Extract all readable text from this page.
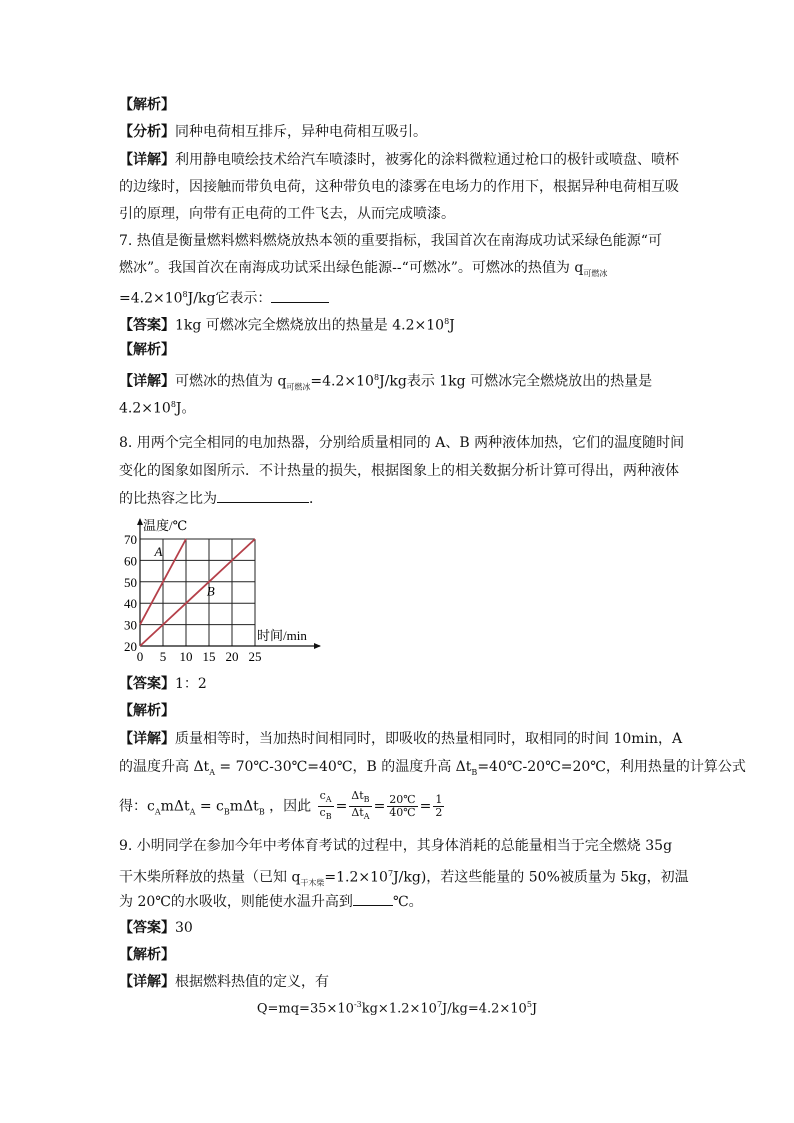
【解析】
【分析】同种电荷相互排斥，异种电荷相互吸引。
【详解】利用静电喷绘技术给汽车喷漆时，被雾化的涂料微粒通过枪口的极针或喷盘、喷杯
的边缘时，因接触而带负电荷，这种带负电的漆雾在电场力的作用下，根据异种电荷相互吸
引的原理，向带有正电荷的工件飞去，从而完成喷漆。
7. 热值是衡量燃料燃料燃烧放热本领的重要指标，我国首次在南海成功试采绿色能源“可
燃冰”。我国首次在南海成功试采出绿色能源--“可燃冰”。可燃冰的热值为 $q_{可燃冰}$
$=4.2\times 10^8J/kg$它表示：
【答案】1kg 可燃冰完全燃烧放出的热量是 $4.2\times 10^8J$
【解析】
【详解】可燃冰的热值为 $q_{可燃冰}=4.2\times 10^8J/kg$表示 1kg 可燃冰完全燃烧放出的热量是
$4.2\times 10^8J$。
8. 用两个完全相同的电加热器，分别给质量相同的 A、B 两种液体加热，它们的温度随时间
变化的图象如图所示．不计热量的损失，根据图象上的相关数据分析计算可得出，两种液体
的比热容之比为	．
20
30
40
50
60
70
0 5 10 15 20 25
A
B
温度/℃
时间/min
【答案】1：2
【解析】
【详解】质量相等时，当加热时间相同时，即吸收的热量相同时，取相同的时间 10min，A
的温度升高 $\Delta t_A$ = 70℃-30℃=40℃，B 的温度升高 $\Delta t_B=40℃-20℃=20℃$，利用热量的计算公式
得：$c_Am\Delta t_A = c_Bm\Delta t_B$ ，因此 $\frac{c_A}{c_B} = \frac{\Delta t_B}{\Delta t_A} = \frac{20℃}{40℃} = \frac{1}{2}$
9. 小明同学在参加今年中考体育考试的过程中，其身体消耗的总能量相当于完全燃烧 35g
干木柴所释放的热量（已知 $q_{干木柴}=1.2\times 10^7J/kg$)，若这些能量的 50%被质量为 5kg，初温
为 20℃的水吸收，则能使水温升高到	℃。
【答案】30
【解析】
【详解】根据燃料热值的定义，有
$Q=mq=35\times 10^{-3}kg\times 1.2\times 10^7J/kg=4.2\times 10^5J$
